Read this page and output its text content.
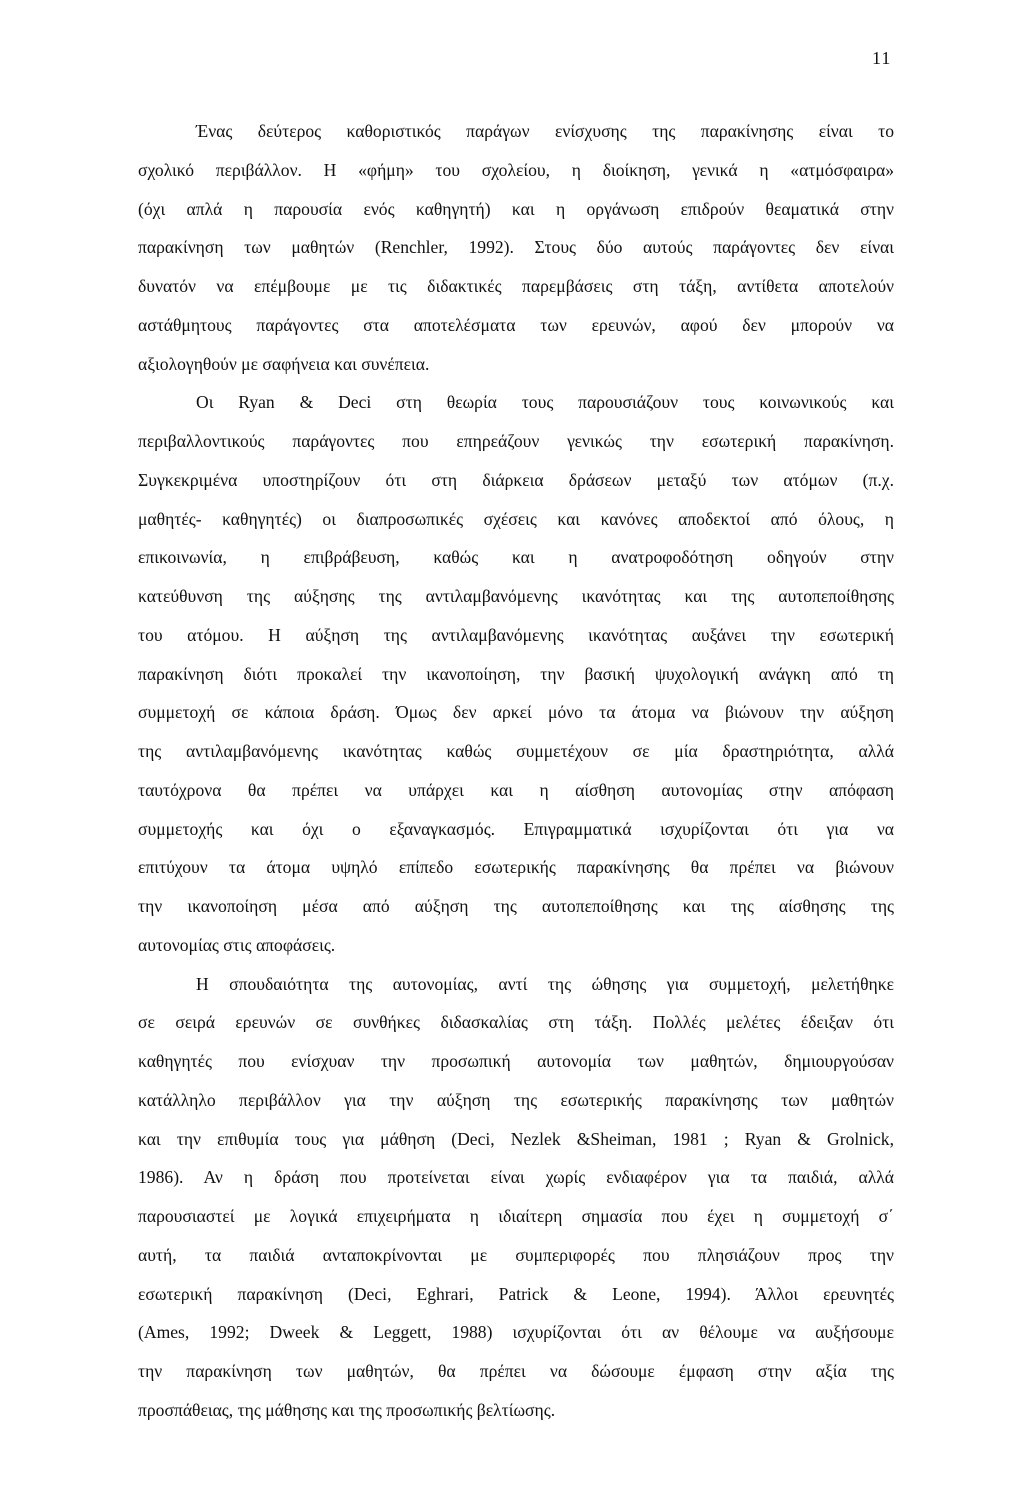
11
Ένας δεύτερος καθοριστικός παράγων ενίσχυσης της παρακίνησης είναι το
σχολικό περιβάλλον. Η «φήμη» του σχολείου, η διοίκηση, γενικά η «ατμόσφαιρα»
(όχι απλά η παρουσία ενός καθηγητή) και η οργάνωση επιδρούν θεαματικά στην
παρακίνηση των μαθητών (Renchler, 1992). Στους δύο αυτούς παράγοντες δεν είναι
δυνατόν να επέμβουμε με τις διδακτικές παρεμβάσεις στη τάξη, αντίθετα αποτελούν
αστάθμητους παράγοντες στα αποτελέσματα των ερευνών, αφού δεν μπορούν να
αξιολογηθούν με σαφήνεια και συνέπεια.
Οι Ryan & Deci στη θεωρία τους παρουσιάζουν τους κοινωνικούς και
περιβαλλοντικούς παράγοντες που επηρεάζουν γενικώς την εσωτερική παρακίνηση.
Συγκεκριμένα υποστηρίζουν ότι στη διάρκεια δράσεων μεταξύ των ατόμων (π.χ.
μαθητές- καθηγητές) οι διαπροσωπικές σχέσεις και κανόνες αποδεκτοί από όλους, η
επικοινωνία, η επιβράβευση, καθώς και η ανατροφοδότηση οδηγούν στην
κατεύθυνση της αύξησης της αντιλαμβανόμενης ικανότητας και της αυτοπεποίθησης
του ατόμου. Η αύξηση της αντιλαμβανόμενης ικανότητας αυξάνει την εσωτερική
παρακίνηση διότι προκαλεί την ικανοποίηση, την βασική ψυχολογική ανάγκη από τη
συμμετοχή σε κάποια δράση. Όμως δεν αρκεί μόνο τα άτομα να βιώνουν την αύξηση
της αντιλαμβανόμενης ικανότητας καθώς συμμετέχουν σε μία δραστηριότητα, αλλά
ταυτόχρονα θα πρέπει να υπάρχει και η αίσθηση αυτονομίας στην απόφαση
συμμετοχής και όχι ο εξαναγκασμός. Επιγραμματικά ισχυρίζονται ότι για να
επιτύχουν τα άτομα υψηλό επίπεδο εσωτερικής παρακίνησης θα πρέπει να βιώνουν
την ικανοποίηση μέσα από αύξηση της αυτοπεποίθησης και της αίσθησης της
αυτονομίας στις αποφάσεις.
Η σπουδαιότητα της αυτονομίας, αντί της ώθησης για συμμετοχή, μελετήθηκε
σε σειρά ερευνών σε συνθήκες διδασκαλίας στη τάξη. Πολλές μελέτες έδειξαν ότι
καθηγητές που ενίσχυαν την προσωπική αυτονομία των μαθητών, δημιουργούσαν
κατάλληλο περιβάλλον για την αύξηση της εσωτερικής παρακίνησης των μαθητών
και την επιθυμία τους για μάθηση (Deci, Nezlek &Sheiman, 1981 ; Ryan & Grolnick,
1986). Αν η δράση που προτείνεται είναι χωρίς ενδιαφέρον για τα παιδιά, αλλά
παρουσιαστεί με λογικά επιχειρήματα η ιδιαίτερη σημασία που έχει η συμμετοχή σ΄
αυτή, τα παιδιά ανταποκρίνονται με συμπεριφορές που πλησιάζουν προς την
εσωτερική παρακίνηση (Deci, Eghrari, Patrick & Leone, 1994). Άλλοι ερευνητές
(Ames, 1992; Dweek & Leggett, 1988) ισχυρίζονται ότι αν θέλουμε να αυξήσουμε
την παρακίνηση των μαθητών, θα πρέπει να δώσουμε έμφαση στην αξία της
προσπάθειας, της μάθησης και της προσωπικής βελτίωσης.
